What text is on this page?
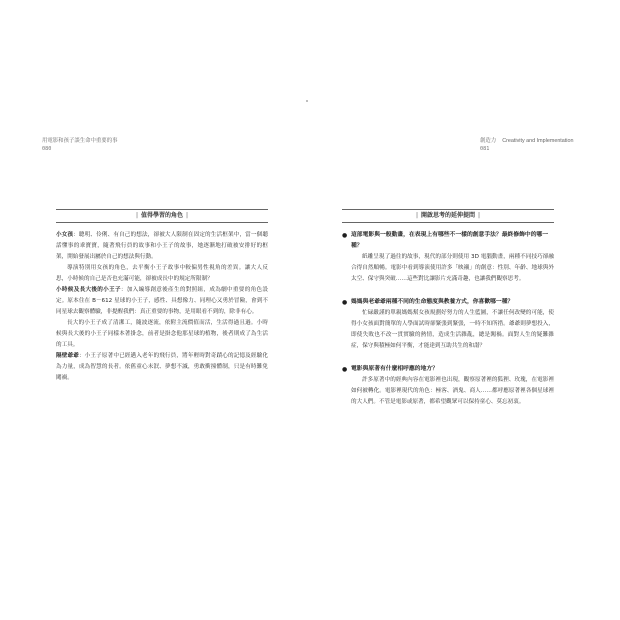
用電影和孩子談生命中重要的事
080
創造力 Creativity and Implementation
081
| 值得學習的角色 |

小女孩：聰明、伶俐、有自己的想法，卻被大人限制在固定的生活框架中，當一個聽話懂事的乖寶寶，隨著飛行員的故事和小王子的故事，她逐漸地打破被安排好的框架，開始發展出屬於自己的想法與行動。

導演特別用女孩的角色，去平衡小王子故事中較偏男性視角的差異。讓大人反思，小時候的自己是否也充滿可能，卻被成長中的規定所限制？

小時候及長大後的小王子：加入編導創意後產生的對照組，成為劇中重要的角色設定。原本住在 B－612 星球的小王子，感性、具想像力、同理心又勇於冒險，會到不同星球去觀察體驗，非提醒我們：真正重要的事物，是用眼看不到的，除非有心。

長大的小王子成了清潔工，隨波逐流，依附主流價值而活，生活得過且過。小時候與長大後的小王子同樣本著掛念，前者是掛念他那星球的植物，後者則成了為生活的工具。

隔壁爺爺：小王子原著中已經邁入老年的飛行員，將年輕時對奇蹟心的記憶及經驗化為力量，成為智慧的長者。依舊童心未泯、夢想不滅，勇敢衝撞體制，只是有時難免闖禍。

| 開啟思考的延伸提問 |
● 這部電影與一般動畫，在表現上有哪些不一樣的創意手法？最終修飾中的哪一種？

紙雕呈現了過往的故事，現代的部分則使用 3D 電腦動畫，兩種不同技巧卻融合得自然順暢。電影中看到導演使用許多「映襯」的創意：性別、年齡、地球與外太空、保守與突破……這些對比讓影片充滿奇趣，也讓我們觀察思考。

● 媽媽與老爺爺兩種不同的生命態度與教養方式，你喜歡哪一種？

忙碌嚴謹的單親媽媽幫女孩規劃好努力的人生藍圖，不讓任何改變的可能，使得小女孩面對簡單的人學面試時卻緊張到緊張，一時不知所措。爺爺則夢想投入，即使失敗也不改一貫實驗的熱情，造成生活雜亂，總是闖禍。面對人生的疑難雜症，保守與積極如何平衡，才能達到互助共生的和諧？

● 電影與原著有什麼相呼應的地方？

許多原著中的經典內容在電影裡也出現，觀察原著裡的狐狸、玫瑰，在電影裡如何被轉化。電影裡現代的角色：極客、酒鬼、商人……都呼應原著裡各個星球裡的大人們。不管是電影或原著，都希望觀眾可以保持童心、莫忘初衷。
